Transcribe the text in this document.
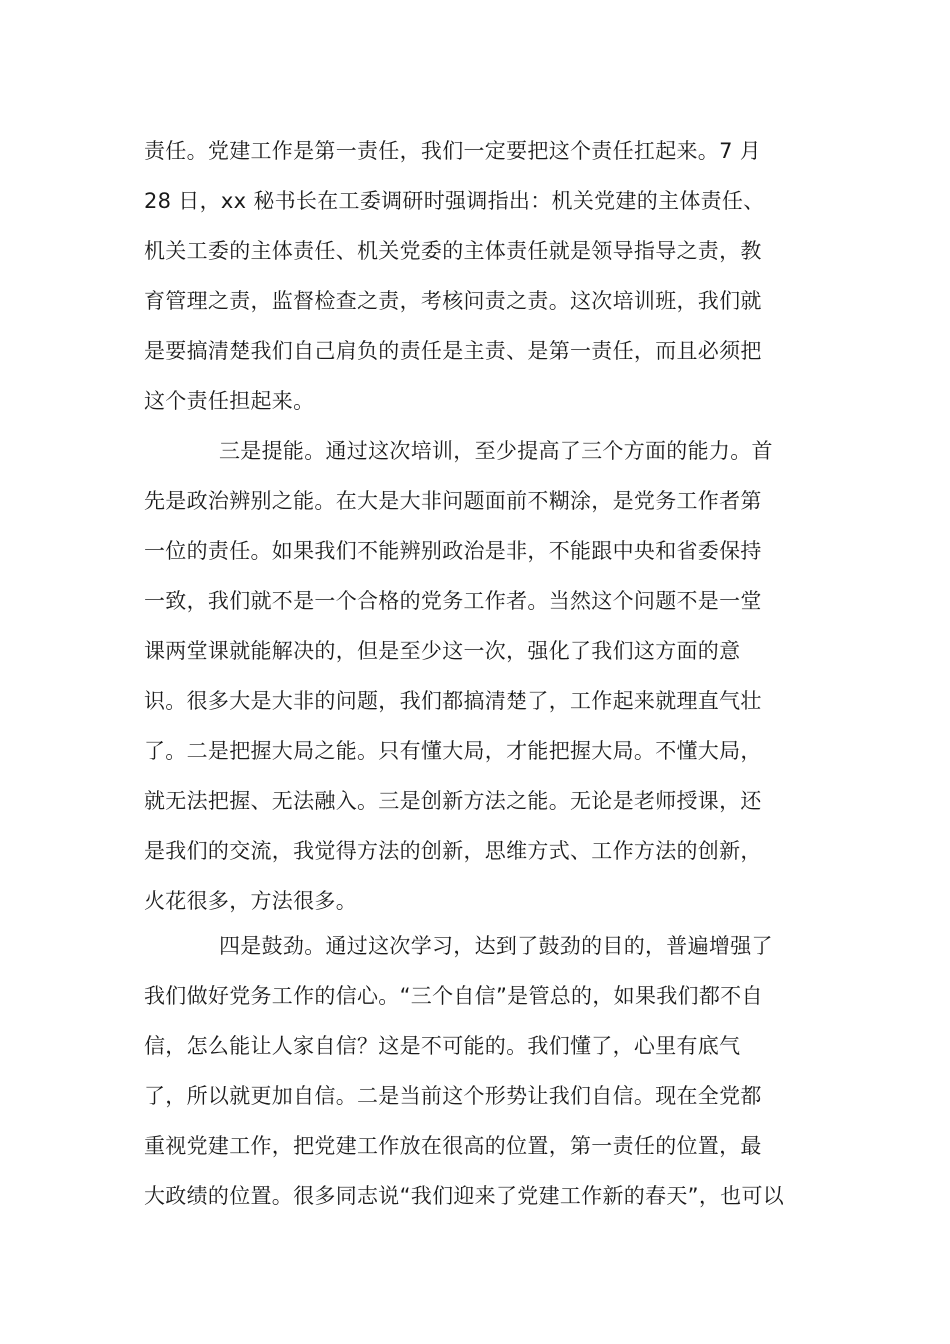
责任。党建工作是第一责任，我们一定要把这个责任扛起来。7 月
28 日，xx 秘书长在工委调研时强调指出：机关党建的主体责任、
机关工委的主体责任、机关党委的主体责任就是领导指导之责，教
育管理之责，监督检查之责，考核问责之责。这次培训班，我们就
是要搞清楚我们自己肩负的责任是主责、是第一责任，而且必须把
这个责任担起来。
三是提能。通过这次培训，至少提高了三个方面的能力。首
先是政治辨别之能。在大是大非问题面前不糊涂，是党务工作者第
一位的责任。如果我们不能辨别政治是非，不能跟中央和省委保持
一致，我们就不是一个合格的党务工作者。当然这个问题不是一堂
课两堂课就能解决的，但是至少这一次，强化了我们这方面的意
识。很多大是大非的问题，我们都搞清楚了，工作起来就理直气壮
了。二是把握大局之能。只有懂大局，才能把握大局。不懂大局，
就无法把握、无法融入。三是创新方法之能。无论是老师授课，还
是我们的交流，我觉得方法的创新，思维方式、工作方法的创新，
火花很多，方法很多。
四是鼓劲。通过这次学习，达到了鼓劲的目的，普遍增强了
我们做好党务工作的信心。“三个自信”是管总的，如果我们都不自
信，怎么能让人家自信？这是不可能的。我们懂了，心里有底气
了，所以就更加自信。二是当前这个形势让我们自信。现在全党都
重视党建工作，把党建工作放在很高的位置，第一责任的位置，最
大政绩的位置。很多同志说“我们迎来了党建工作新的春天”，也可以
